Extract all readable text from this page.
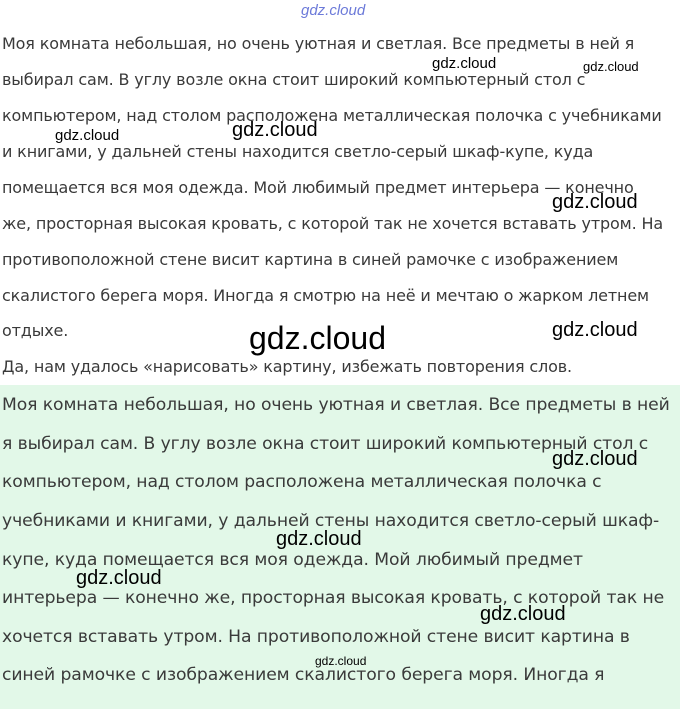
gdz.cloud
Моя комната небольшая, но очень уютная и светлая. Все предметы в ней я
выбирал сам. В углу возле окна стоит широкий компьютерный стол с
компьютером, над столом расположена металлическая полочка с учебниками
и книгами, у дальней стены находится светло-серый шкаф-купе, куда
помещается вся моя одежда. Мой любимый предмет интерьера — конечно
же, просторная высокая кровать, с которой так не хочется вставать утром. На
противоположной стене висит картина в синей рамочке с изображением
скалистого берега моря. Иногда я смотрю на неё и мечтаю о жарком летнем
отдыхе.
Да, нам удалось «нарисовать» картину, избежать повторения слов.
Моя комната небольшая, но очень уютная и светлая. Все предметы в ней
я выбирал сам. В углу возле окна стоит широкий компьютерный стол с
компьютером, над столом расположена металлическая полочка с
учебниками и книгами, у дальней стены находится светло-серый шкаф-
купе, куда помещается вся моя одежда. Мой любимый предмет
интерьера — конечно же, просторная высокая кровать, с которой так не
хочется вставать утром. На противоположной стене висит картина в
синей рамочке с изображением скалистого берега моря. Иногда я
gdz.cloud	gdz.cloud
gdz.cloud	gdz.cloud
gdz.cloud
gdz.cloud	gdz.cloud
gdz.cloud
gdz.cloud
gdz.cloud
gdz.cloud
gdz.cloud
